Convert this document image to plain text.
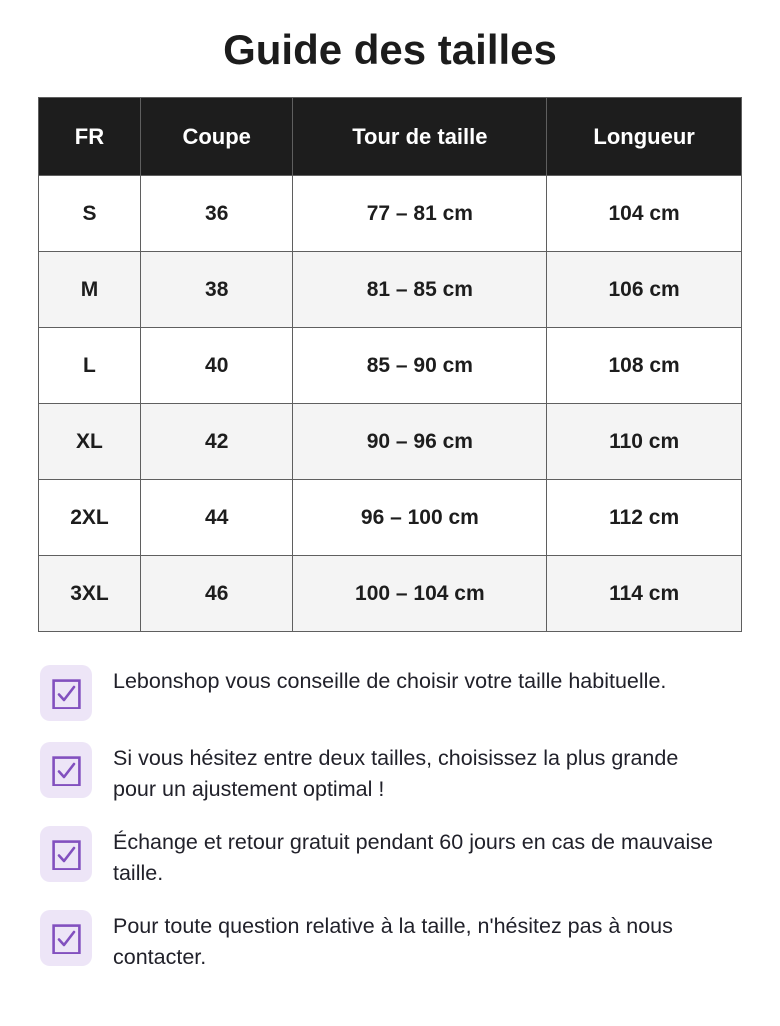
Guide des tailles
FR	Coupe	Tour de taille	Longueur
S	36	77 – 81 cm	104 cm
M	38	81 – 85 cm	106 cm
L	40	85 – 90 cm	108 cm
XL	42	90 – 96 cm	110 cm
2XL	44	96 – 100 cm	112 cm
3XL	46	100 – 104 cm	114 cm

Lebonshop vous conseille de choisir votre taille habituelle.

Si vous hésitez entre deux tailles, choisissez la plus grande pour un ajustement optimal !

Échange et retour gratuit pendant 60 jours en cas de mauvaise taille.

Pour toute question relative à la taille, n'hésitez pas à nous contacter.
